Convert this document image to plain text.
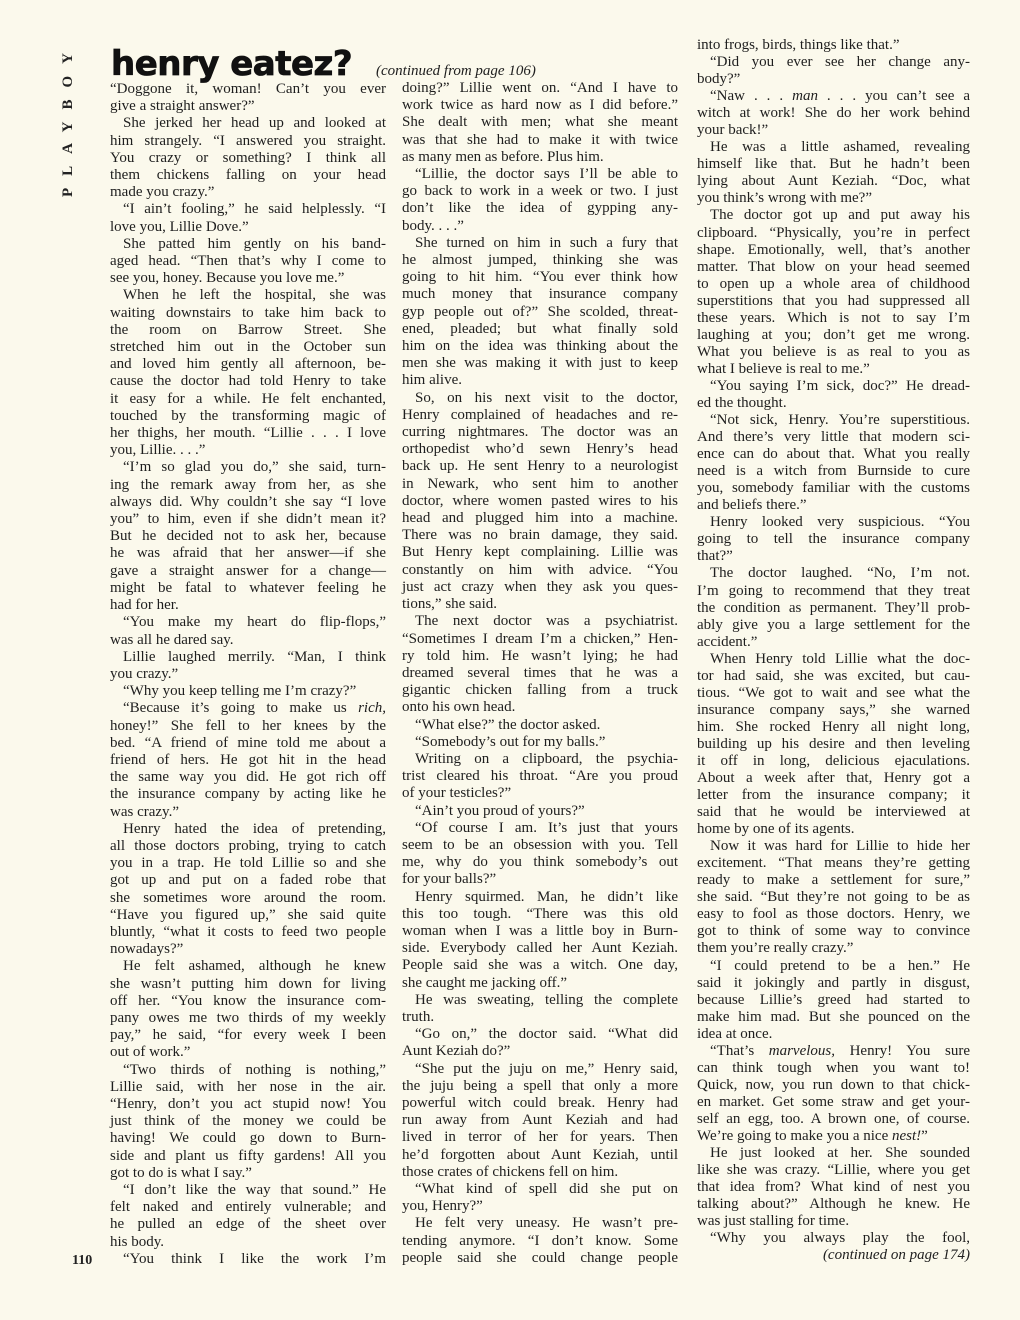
PLAYBOY henry eatez? (continued from page 106)
“Doggone it, woman! Can’t you ever
give a straight answer?”
She jerked her head up and looked at
him strangely. “I answered you straight.
You crazy or something? I think all
them chickens falling on your head
made you crazy.”
“I ain’t fooling,” he said helplessly. “I
love you, Lillie Dove.”
She patted him gently on his band-
aged head. “Then that’s why I come to
see you, honey. Because you love me.”
When he left the hospital, she was
waiting downstairs to take him back to
the room on Barrow Street. She
stretched him out in the October sun
and loved him gently all afternoon, be-
cause the doctor had told Henry to take
it easy for a while. He felt enchanted,
touched by the transforming magic of
her thighs, her mouth. “Lillie . . . I love
you, Lillie. . . .”
“I’m so glad you do,” she said, turn-
ing the remark away from her, as she
always did. Why couldn’t she say “I love
you” to him, even if she didn’t mean it?
But he decided not to ask her, because
he was afraid that her answer—if she
gave a straight answer for a change—
might be fatal to whatever feeling he
had for her.
“You make my heart do flip-flops,”
was all he dared say.
Lillie laughed merrily. “Man, I think
you crazy.”
“Why you keep telling me I’m crazy?”
“Because it’s going to make us rich,
honey!” She fell to her knees by the
bed. “A friend of mine told me about a
friend of hers. He got hit in the head
the same way you did. He got rich off
the insurance company by acting like he
was crazy.”
Henry hated the idea of pretending,
all those doctors probing, trying to catch
you in a trap. He told Lillie so and she
got up and put on a faded robe that
she sometimes wore around the room.
“Have you figured up,” she said quite
bluntly, “what it costs to feed two people
nowadays?”
He felt ashamed, although he knew
she wasn’t putting him down for living
off her. “You know the insurance com-
pany owes me two thirds of my weekly
pay,” he said, “for every week I been
out of work.”
“Two thirds of nothing is nothing,”
Lillie said, with her nose in the air.
“Henry, don’t you act stupid now! You
just think of the money we could be
having! We could go down to Burn-
side and plant us fifty gardens! All you
got to do is what I say.”
“I don’t like the way that sound.” He
felt naked and entirely vulnerable; and
he pulled an edge of the sheet over
his body.
“You think I like the work I’m
doing?” Lillie went on. “And I have to
work twice as hard now as I did before.”
She dealt with men; what she meant
was that she had to make it with twice
as many men as before. Plus him.
“Lillie, the doctor says I’ll be able to
go back to work in a week or two. I just
don’t like the idea of gypping any-
body. . . .”
She turned on him in such a fury that
he almost jumped, thinking she was
going to hit him. “You ever think how
much money that insurance company
gyp people out of?” She scolded, threat-
ened, pleaded; but what finally sold
him on the idea was thinking about the
men she was making it with just to keep
him alive.
So, on his next visit to the doctor,
Henry complained of headaches and re-
curring nightmares. The doctor was an
orthopedist who’d sewn Henry’s head
back up. He sent Henry to a neurologist
in Newark, who sent him to another
doctor, where women pasted wires to his
head and plugged him into a machine.
There was no brain damage, they said.
But Henry kept complaining. Lillie was
constantly on him with advice. “You
just act crazy when they ask you ques-
tions,” she said.
The next doctor was a psychiatrist.
“Sometimes I dream I’m a chicken,” Hen-
ry told him. He wasn’t lying; he had
dreamed several times that he was a
gigantic chicken falling from a truck
onto his own head.
“What else?” the doctor asked.
“Somebody’s out for my balls.”
Writing on a clipboard, the psychia-
trist cleared his throat. “Are you proud
of your testicles?”
“Ain’t you proud of yours?”
“Of course I am. It’s just that yours
seem to be an obsession with you. Tell
me, why do you think somebody’s out
for your balls?”
Henry squirmed. Man, he didn’t like
this too tough. “There was this old
woman when I was a little boy in Burn-
side. Everybody called her Aunt Keziah.
People said she was a witch. One day,
she caught me jacking off.”
He was sweating, telling the complete
truth.
“Go on,” the doctor said. “What did
Aunt Keziah do?”
“She put the juju on me,” Henry said,
the juju being a spell that only a more
powerful witch could break. Henry had
run away from Aunt Keziah and had
lived in terror of her for years. Then
he’d forgotten about Aunt Keziah, until
those crates of chickens fell on him.
“What kind of spell did she put on
you, Henry?”
He felt very uneasy. He wasn’t pre-
tending anymore. “I don’t know. Some
people said she could change people
into frogs, birds, things like that.”
“Did you ever see her change any-
body?”
“Naw . . . man . . . you can’t see a
witch at work! She do her work behind
your back!”
He was a little ashamed, revealing
himself like that. But he hadn’t been
lying about Aunt Keziah. “Doc, what
you think’s wrong with me?”
The doctor got up and put away his
clipboard. “Physically, you’re in perfect
shape. Emotionally, well, that’s another
matter. That blow on your head seemed
to open up a whole area of childhood
superstitions that you had suppressed all
these years. Which is not to say I’m
laughing at you; don’t get me wrong.
What you believe is as real to you as
what I believe is real to me.”
“You saying I’m sick, doc?” He dread-
ed the thought.
“Not sick, Henry. You’re superstitious.
And there’s very little that modern sci-
ence can do about that. What you really
need is a witch from Burnside to cure
you, somebody familiar with the customs
and beliefs there.”
Henry looked very suspicious. “You
going to tell the insurance company
that?”
The doctor laughed. “No, I’m not.
I’m going to recommend that they treat
the condition as permanent. They’ll prob-
ably give you a large settlement for the
accident.”
When Henry told Lillie what the doc-
tor had said, she was excited, but cau-
tious. “We got to wait and see what the
insurance company says,” she warned
him. She rocked Henry all night long,
building up his desire and then leveling
it off in long, delicious ejaculations.
About a week after that, Henry got a
letter from the insurance company; it
said that he would be interviewed at
home by one of its agents.
Now it was hard for Lillie to hide her
excitement. “That means they’re getting
ready to make a settlement for sure,”
she said. “But they’re not going to be as
easy to fool as those doctors. Henry, we
got to think of some way to convince
them you’re really crazy.”
“I could pretend to be a hen.” He
said it jokingly and partly in disgust,
because Lillie’s greed had started to
make him mad. But she pounced on the
idea at once.
“That’s marvelous, Henry! You sure
can think tough when you want to!
Quick, now, you run down to that chick-
en market. Get some straw and get your-
self an egg, too. A brown one, of course.
We’re going to make you a nice nest!”
He just looked at her. She sounded
like she was crazy. “Lillie, where you get
that idea from? What kind of nest you
talking about?” Although he knew. He
was just stalling for time.
“Why you always play the fool,
(continued on page 174)
110
